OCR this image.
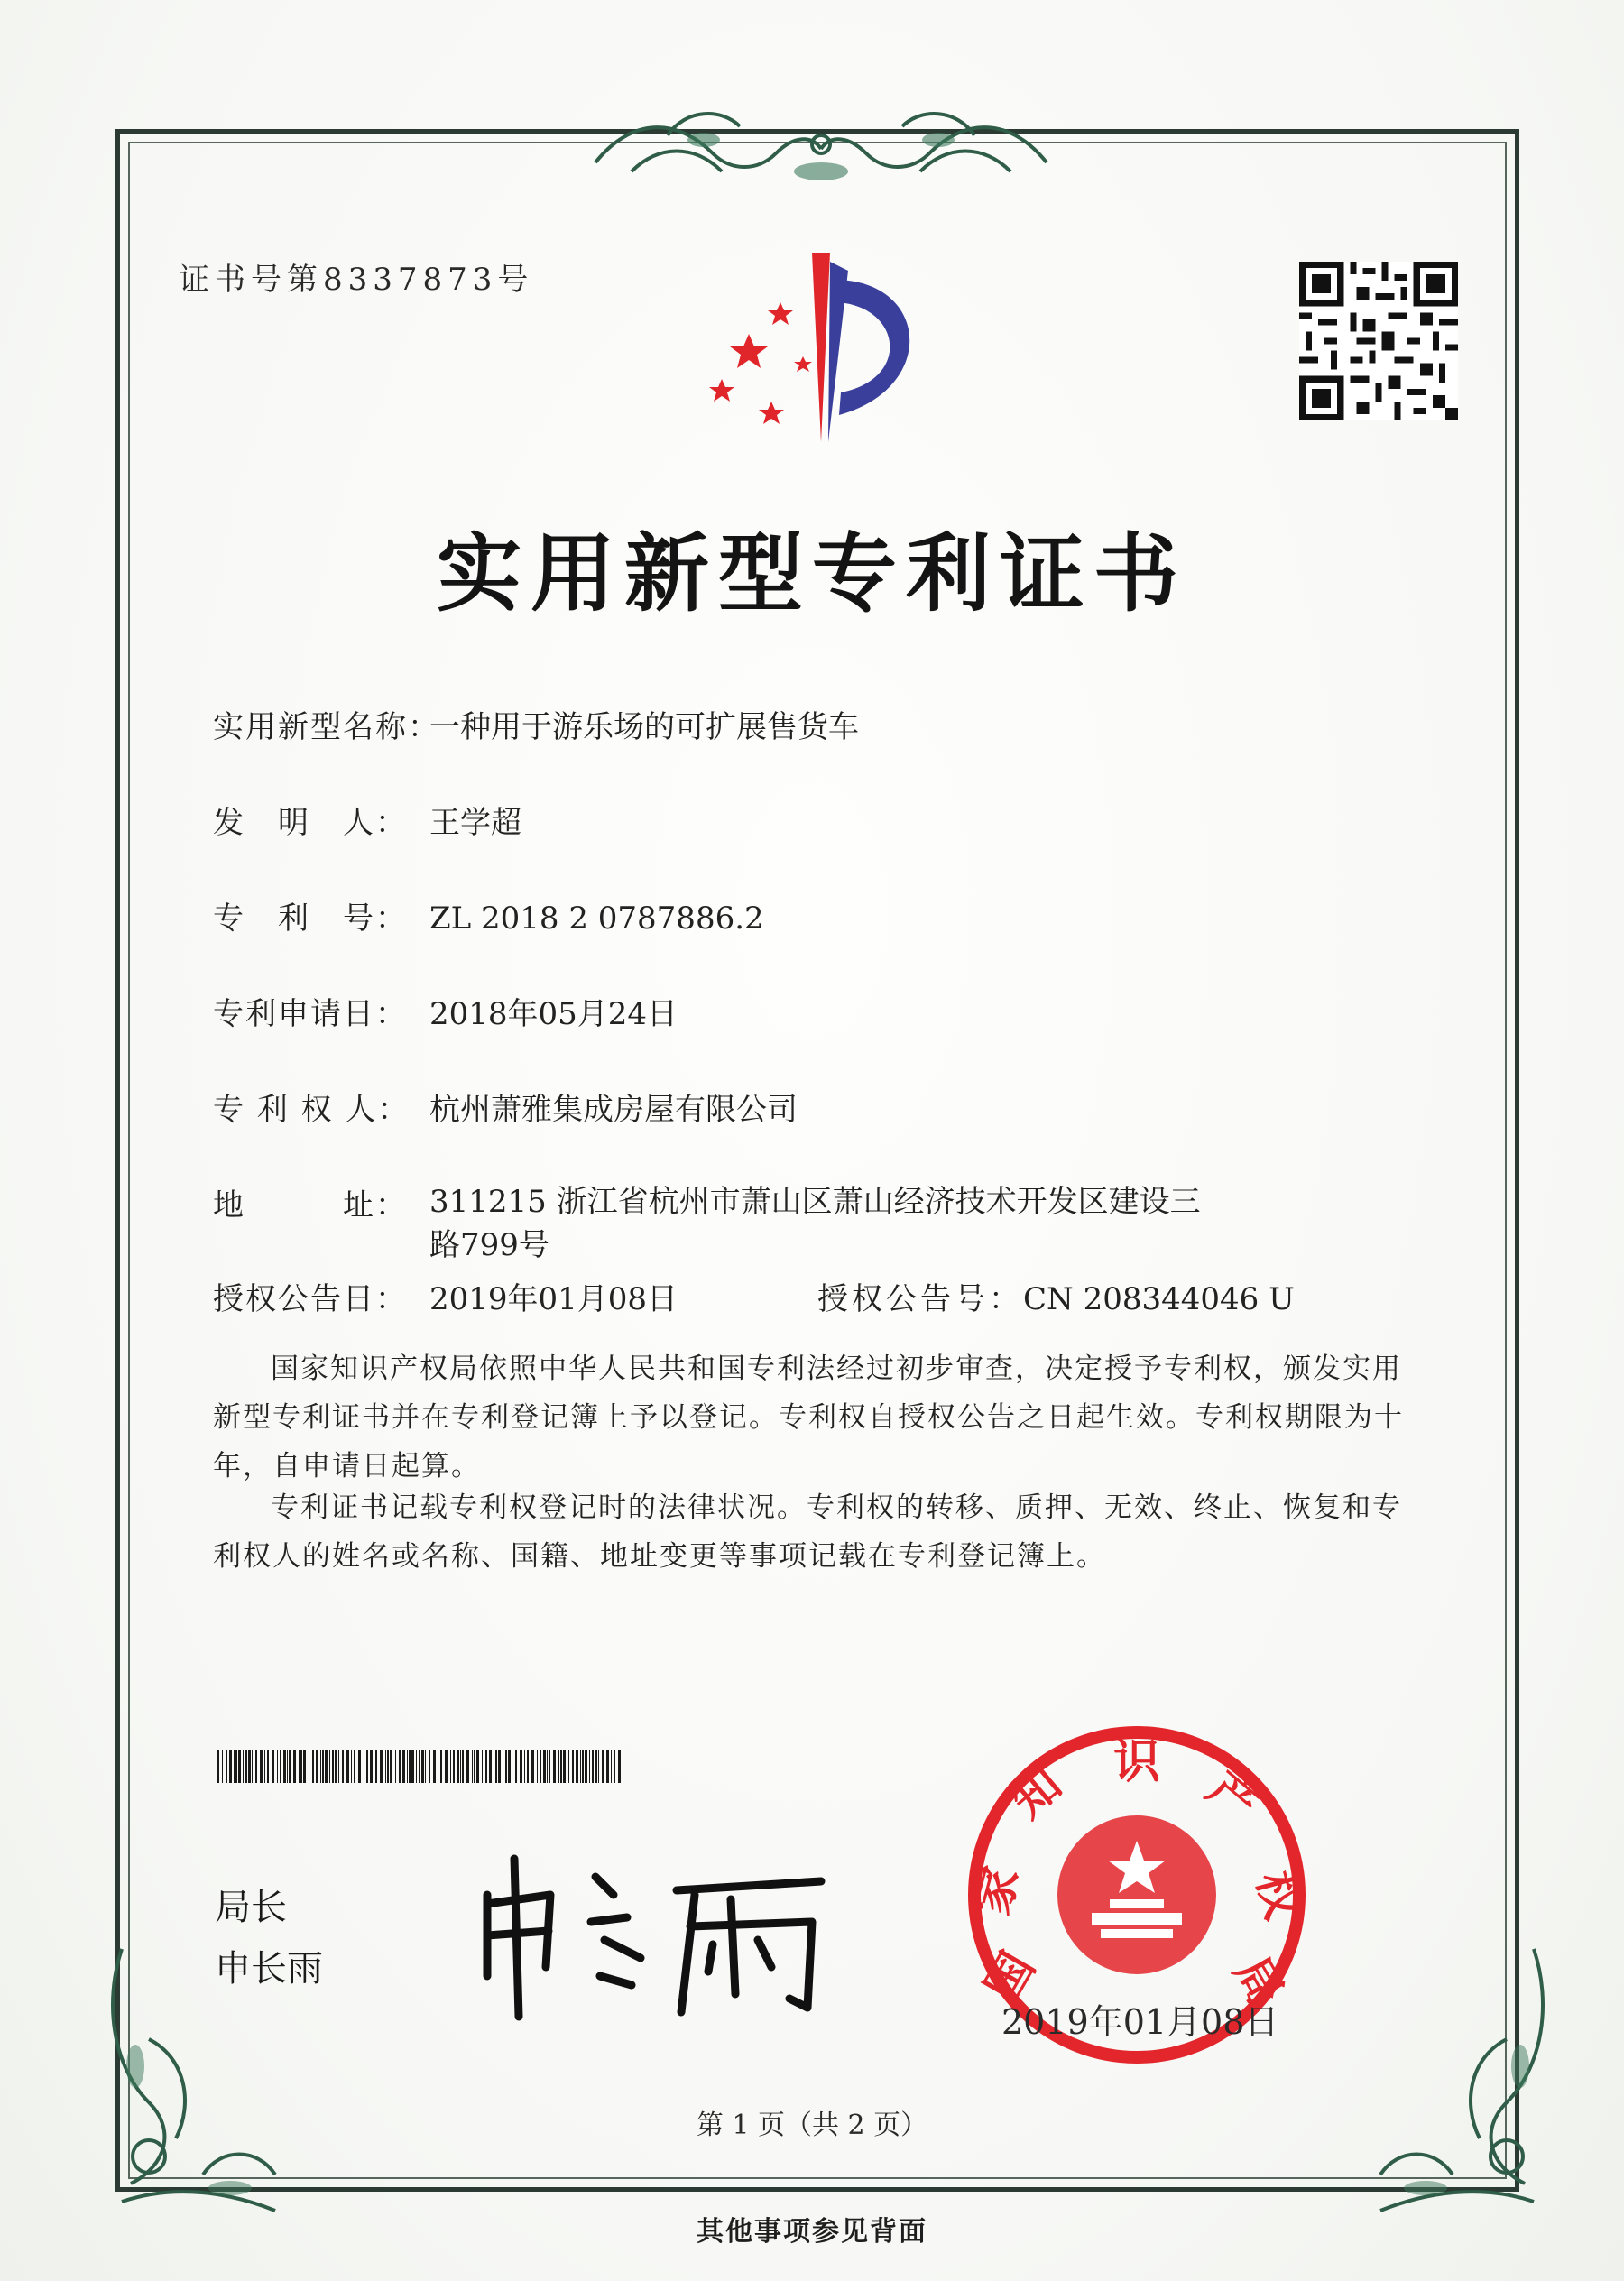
证书号第8337873号
实用新型专利证书
实用新型名称：一种用于游乐场的可扩展售货车
发　明　人： 王学超
专　利　号： ZL 2018 2 0787886.2
专利申请日： 2018年05月24日
专 利 权 人： 杭州萧雅集成房屋有限公司
地　　　址： 311215 浙江省杭州市萧山区萧山经济技术开发区建设三路799号
授权公告日： 2019年01月08日	授权公告号：CN 208344046 U
国家知识产权局依照中华人民共和国专利法经过初步审查，决定授予专利权，颁发实用新型专利证书并在专利登记簿上予以登记。专利权自授权公告之日起生效。专利权期限为十年，自申请日起算。
专利证书记载专利权登记时的法律状况。专利权的转移、质押、无效、终止、恢复和专利权人的姓名或名称、国籍、地址变更等事项记载在专利登记簿上。
局长
申长雨	国
家
知 识 产
权
局
2019年01月08日
第 1 页（共 2 页）
其他事项参见背面
